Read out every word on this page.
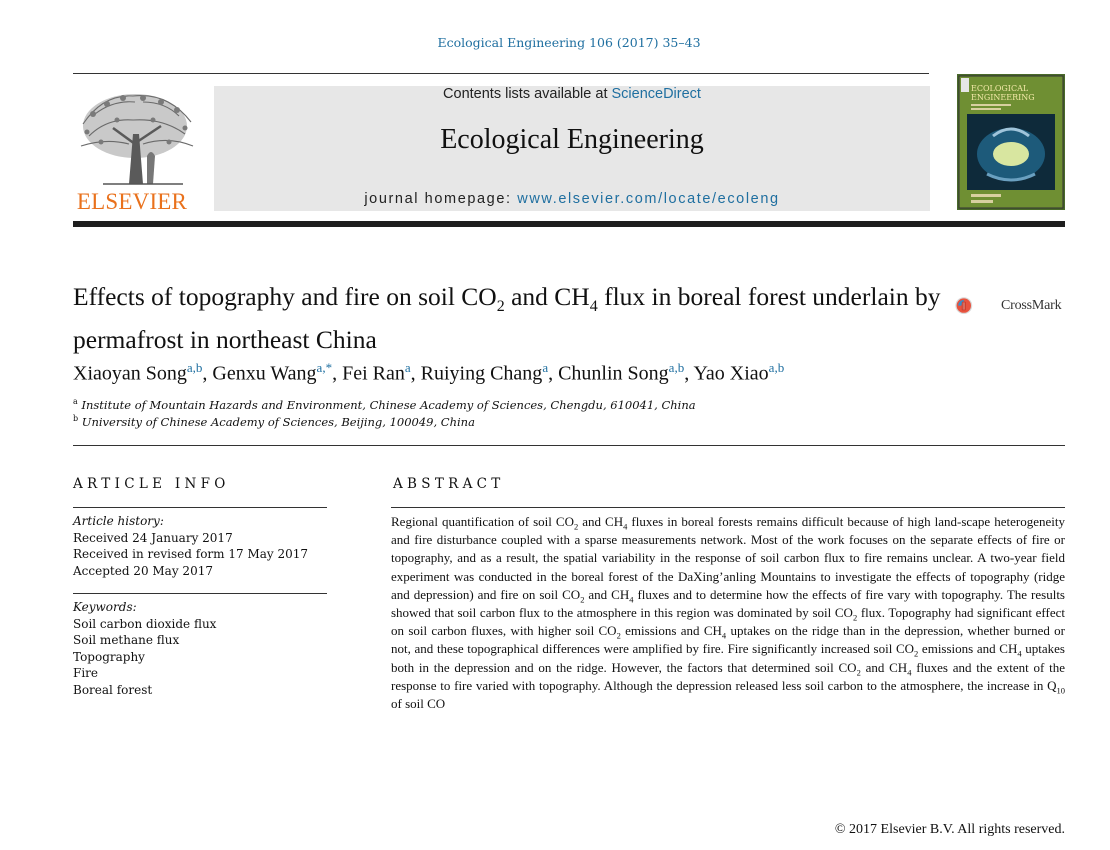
Ecological Engineering 106 (2017) 35–43
ELSEVIER
Contents lists available at ScienceDirect
Ecological Engineering
journal homepage: www.elsevier.com/locate/ecoleng
ECOLOGICAL
ENGINEERING
Effects of topography and fire on soil $CO_2$ and $CH_4$ flux in boreal forest underlain by permafrost in northeast China
CrossMark
Xiaoyan Song$^{a,b}$, Genxu Wang$^{a,*}$, Fei Ran$^a$, Ruiying Chang$^a$, Chunlin Song$^{a,b}$, Yao Xiao$^{a,b}$
$^a$ Institute of Mountain Hazards and Environment, Chinese Academy of Sciences, Chengdu, 610041, China
$^b$ University of Chinese Academy of Sciences, Beijing, 100049, China
ARTICLE INFO	ABSTRACT
Article history:
Received 24 January 2017
Received in revised form 17 May 2017
Accepted 20 May 2017
Keywords:
Soil carbon dioxide flux
Soil methane flux
Topography
Fire
Boreal forest
Regional quantification of soil $CO_2$ and $CH_4$ fluxes in boreal forests remains difficult because of high land-scape heterogeneity and fire disturbance coupled with a sparse measurements network. Most of the work focuses on the separate effects of fire or topography, and as a result, the spatial variability in the response of soil carbon flux to fire remains unclear. A two-year field experiment was conducted in the boreal forest of the DaXing’anling Mountains to investigate the effects of topography (ridge and depression) and fire on soil $CO_2$ and $CH_4$ fluxes and to determine how the effects of fire vary with topography. The results showed that soil carbon flux to the atmosphere in this region was dominated by soil $CO_2$ flux. Topography had significant effect on soil carbon fluxes, with higher soil $CO_2$ emissions and $CH_4$ uptakes on the ridge than in the depression, whether burned or not, and these topographical differences were amplified by fire. Fire significantly increased soil $CO_2$ emissions and $CH_4$ uptakes both in the depression and on the ridge. However, the factors that determined soil $CO_2$ and $CH_4$ fluxes and the extent of the response to fire varied with topography. Although the depression released less soil carbon to the atmosphere, the increase in $Q_{10}$ of soil CO
© 2017 Elsevier B.V. All rights reserved.
